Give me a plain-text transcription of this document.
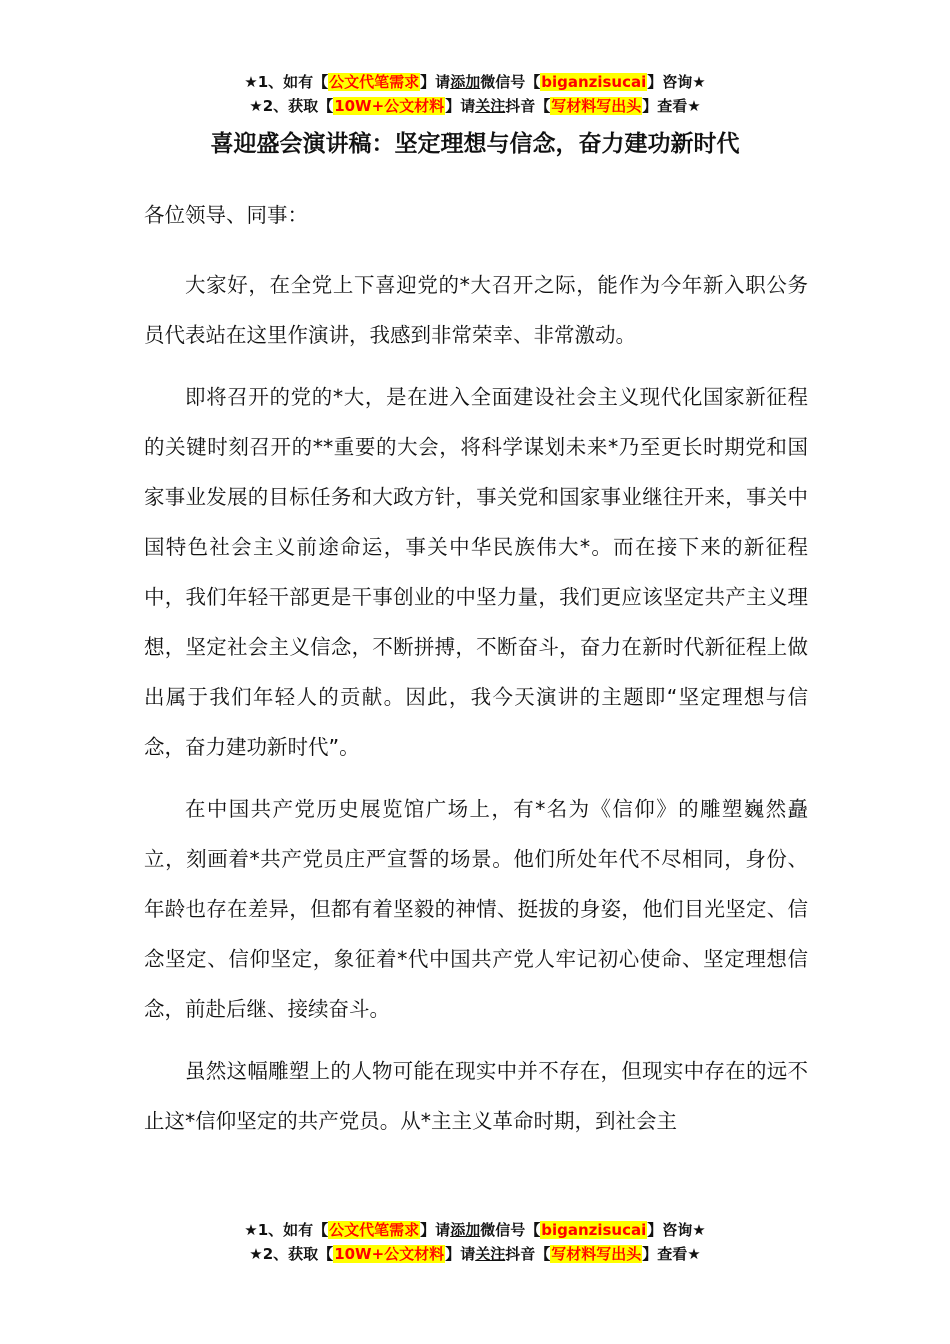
★1、如有【公文代笔需求】请添加微信号【biganzisucai】咨询★
★2、获取【10W+公文材料】请关注抖音【写材料写出头】查看★
喜迎盛会演讲稿：坚定理想与信念，奋力建功新时代

各位领导、同事：

大家好，在全党上下喜迎党的*大召开之际，能作为今年新入职公务员代表站在这里作演讲，我感到非常荣幸、非常激动。

即将召开的党的*大，是在进入全面建设社会主义现代化国家新征程的关键时刻召开的**重要的大会，将科学谋划未来*乃至更长时期党和国家事业发展的目标任务和大政方针，事关党和国家事业继往开来，事关中国特色社会主义前途命运，事关中华民族伟大*。而在接下来的新征程中，我们年轻干部更是干事创业的中坚力量，我们更应该坚定共产主义理想，坚定社会主义信念，不断拼搏，不断奋斗，奋力在新时代新征程上做出属于我们年轻人的贡献。因此，我今天演讲的主题即“坚定理想与信念，奋力建功新时代”。

在中国共产党历史展览馆广场上，有*名为《信仰》的雕塑巍然矗立，刻画着*共产党员庄严宣誓的场景。他们所处年代不尽相同，身份、年龄也存在差异，但都有着坚毅的神情、挺拔的身姿，他们目光坚定、信念坚定、信仰坚定，象征着*代中国共产党人牢记初心使命、坚定理想信念，前赴后继、接续奋斗。

虽然这幅雕塑上的人物可能在现实中并不存在，但现实中存在的远不止这*信仰坚定的共产党员。从*主主义革命时期，到社会主

★1、如有【公文代笔需求】请添加微信号【biganzisucai】咨询★
★2、获取【10W+公文材料】请关注抖音【写材料写出头】查看★
